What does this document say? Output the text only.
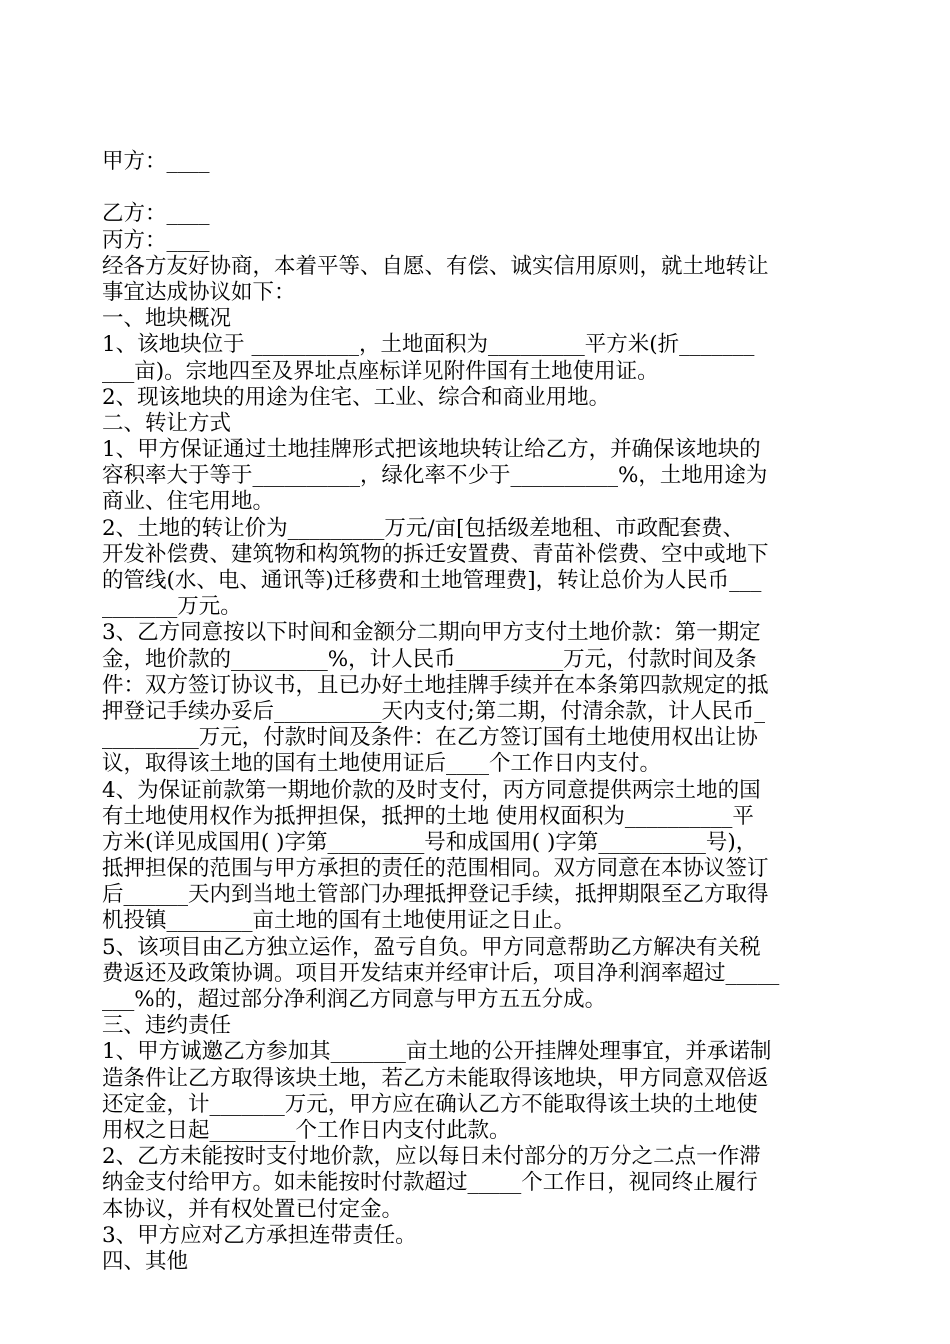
甲方：____
乙方：____
丙方：____
经各方友好协商，本着平等、自愿、有偿、诚实信用原则，就土地转让
事宜达成协议如下：
一、地块概况
1、该地块位于 __________，土地面积为_________平方米(折_______
___亩)。宗地四至及界址点座标详见附件国有土地使用证。
2、现该地块的用途为住宅、工业、综合和商业用地。
二、转让方式
1、甲方保证通过土地挂牌形式把该地块转让给乙方，并确保该地块的
容积率大于等于__________，绿化率不少于__________%，土地用途为
商业、住宅用地。
2、土地的转让价为_________万元/亩[包括级差地租、市政配套费、
开发补偿费、建筑物和构筑物的拆迁安置费、青苗补偿费、空中或地下
的管线(水、电、通讯等)迁移费和土地管理费]，转让总价为人民币___
_______万元。
3、乙方同意按以下时间和金额分二期向甲方支付土地价款：第一期定
金，地价款的_________%，计人民币__________万元，付款时间及条
件：双方签订协议书，且已办好土地挂牌手续并在本条第四款规定的抵
押登记手续办妥后__________天内支付;第二期，付清余款，计人民币_
_________万元，付款时间及条件：在乙方签订国有土地使用权出让协
议，取得该土地的国有土地使用证后____个工作日内支付。
4、为保证前款第一期地价款的及时支付，丙方同意提供两宗土地的国
有土地使用权作为抵押担保，抵押的土地 使用权面积为__________平
方米(详见成国用( )字第_________号和成国用( )字第__________号)，
抵押担保的范围与甲方承担的责任的范围相同。双方同意在本协议签订
后______天内到当地土管部门办理抵押登记手续，抵押期限至乙方取得
机投镇________亩土地的国有土地使用证之日止。
5、该项目由乙方独立运作，盈亏自负。甲方同意帮助乙方解决有关税
费返还及政策协调。项目开发结束并经审计后，项目净利润率超过_____
___%的，超过部分净利润乙方同意与甲方五五分成。
三、违约责任
1、甲方诚邀乙方参加其_______亩土地的公开挂牌处理事宜，并承诺制
造条件让乙方取得该块土地，若乙方未能取得该地块，甲方同意双倍返
还定金，计_______万元，甲方应在确认乙方不能取得该土块的土地使
用权之日起________个工作日内支付此款。
2、乙方未能按时支付地价款，应以每日未付部分的万分之二点一作滞
纳金支付给甲方。如未能按时付款超过_____个工作日，视同终止履行
本协议，并有权处置已付定金。
3、甲方应对乙方承担连带责任。
四、其他
